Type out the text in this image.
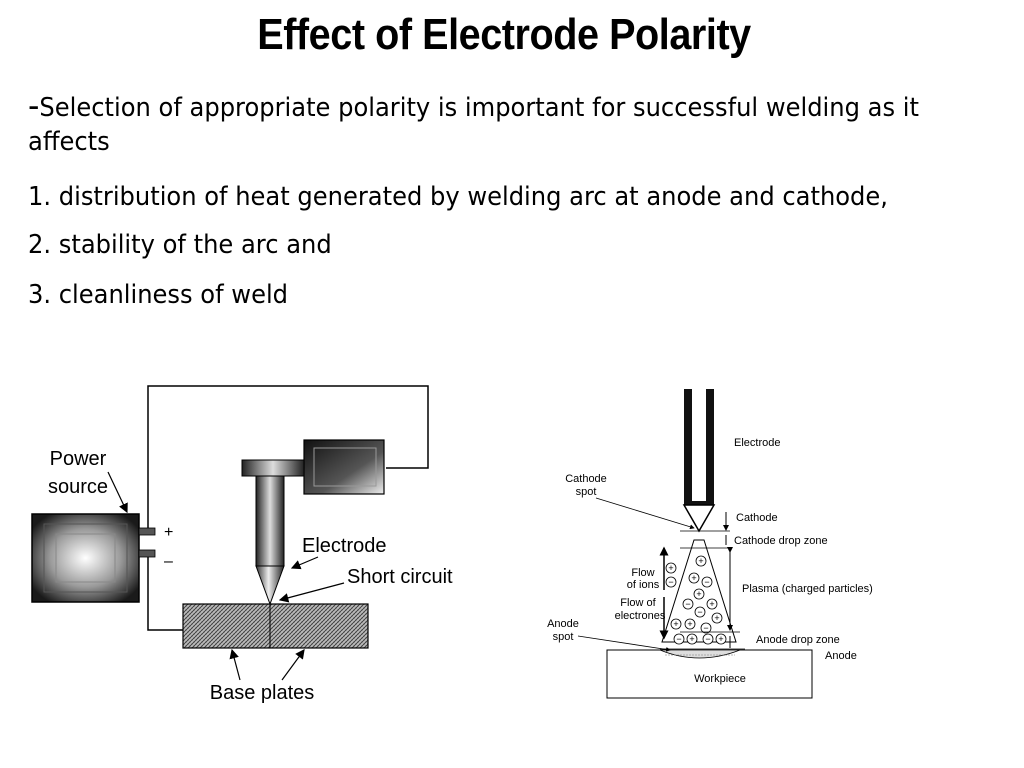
Effect of Electrode Polarity
-Selection of appropriate polarity is important for successful welding as it affects
1. distribution of heat generated by welding arc at anode and cathode,
2. stability of the arc and
3. cleanliness of weld
+
–
Power
source
Electrode
Short circuit
Base plates
+
+ −
+
− +
−
+
+ −
− + − +
+
+
−
Electrode
Cathode
spot
Cathode
Cathode drop zone
Flow
of ions
Flow of
electrones
Plasma (charged particles)
Anode
spot	Anode drop zone
Anode
Workpiece
